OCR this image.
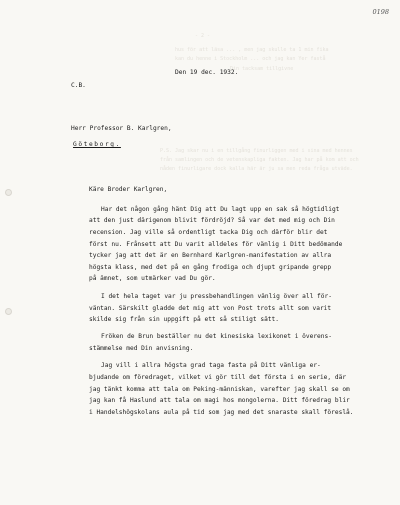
- 2 -
hus för att läsa ... , men jag skulle ta 1 min fika
kan du henne i Stockholm ... och jag kan Yer fastå
Din tacksam tillgivne
P.S. Jag skar nu i en tillgång finurliggen med i sina med hennes
från samlingen och de vetenskapliga fakten. Jag har på kom att och
nåden finurligare dock kalla här är ju sa men reda fråga utväde.
0198

Den 19 dec. 1932.

C.B.

Herr Professor B. Karlgren,

Göteborg.

Käre Broder Karlgren,

Har det någon gång hänt Dig att Du lagt upp en sak så högtidligt

att den just därigenom blivit fördröjd? Så var det med mig och Din

recension. Jag ville så ordentligt tacka Dig och därför blir det

först nu. Frånsett att Du varit alldeles för vänlig i Ditt bedömande

tycker jag att det är en Bernhard Karlgren-manifestation av allra

högsta klass, med det på en gång frodiga och djupt gripande grepp

på ämnet, som utmärker vad Du gör.

I det hela taget var ju pressbehandlingen vänlig över all för-

väntan. Särskilt gladde det mig att von Post trots allt som varit

skilde sig från sin uppgift på ett så stiligt sätt.

Fröken de Brun beställer nu det kinesiska lexikonet i överens-

stämmelse med Din anvisning.

Jag vill i allra högsta grad taga fasta på Ditt vänliga er-

bjudande om föredraget, vilket vi gör till det första i en serie, där

jag tänkt komma att tala om Peking-människan, varefter jag skall se om

jag kan få Haslund att tala om magi hos mongolerna. Ditt föredrag blir

i Handelshögskolans aula på tid som jag med det snaraste skall föreslå.
